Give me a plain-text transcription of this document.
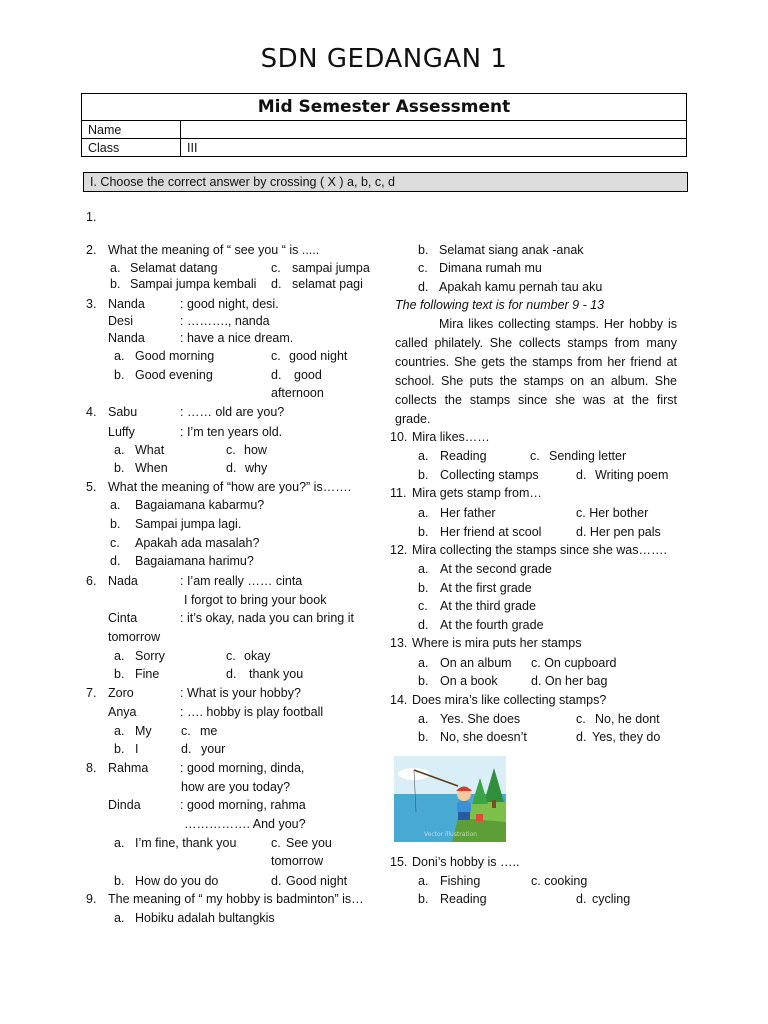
SDN GEDANGAN 1
Mid Semester Assessment	
Name	
Class	III
I. Choose the correct answer by crossing ( X ) a, b, c, d
1.
2. What the meaning of “ see you “ is .....
a. Selamat datang	c. sampai jumpa
b. Sampai jumpa kembali d. selamat pagi
3. Nanda	: good night, desi.
Desi	: ………., nanda
Nanda	: have a nice dream.
a. Good morning	c. good night
b. Good evening	d. good
afternoon
4. Sabu	: …… old are you?
Luffy	: I’m ten years old.
a. What	c. how
b. When	d. why
5. What the meaning of “how are you?” is…….
a. Bagaiamana kabarmu?
b. Sampai jumpa lagi.
c. Apakah ada masalah?
d. Bagaiamana harimu?
6. Nada	: I’am really …… cinta
I forgot to bring your book
Cinta	: it’s okay, nada you can bring it
tomorrow
a. Sorry	c. okay
b. Fine	d. thank you
7. Zoro	: What is your hobby?
Anya	: …. hobby is play football
a. My c. me
b. I	d. your
8. Rahma	: good morning, dinda,
how are you today?
Dinda	: good morning, rahma
……………. And you?
a. I’m fine, thank you	c. See you
tomorrow
b. How do you do	d. Good night
9. The meaning of “ my hobby is badminton” is…
a. Hobiku adalah bultangkis
b. Selamat siang anak -anak
c. Dimana rumah mu
d. Apakah kamu pernah tau aku
The following text is for number 9 - 13
Mira likes collecting stamps. Her hobby is called philately. She collects stamps from many countries. She gets the stamps from her friend at school. She puts the stamps on an album. She collects the stamps since she was at the first grade.
10. Mira likes……
a. Reading	c. Sending letter
b. Collecting stamps	d. Writing poem
11. Mira gets stamp from…
a. Her father	c. Her bother
b. Her friend at scool	d. Her pen pals
12. Mira collecting the stamps since she was…….
a. At the second grade
b. At the first grade
c. At the third grade
d. At the fourth grade
13. Where is mira puts her stamps
a. On an album c. On cupboard
b. On a book	d. On her bag
14. Does mira’s like collecting stamps?
a. Yes. She does	c. No, he dont
b. No, she doesn’t	d. Yes, they do
Vector illustration
15. Doni’s hobby is …..
a. Fishing	c. cooking
b. Reading	d. cycling
